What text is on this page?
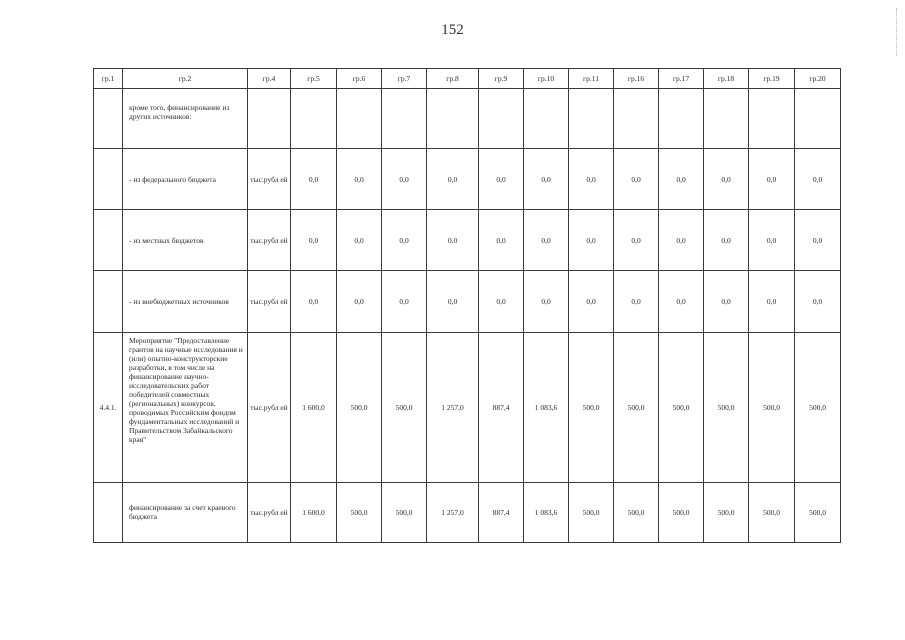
152
гр.1	гр.2	гр.4	гр.5	гр.6	гр.7	гр.8	гр.9	гр.10	гр.11	гр.16	гр.17	гр.18	гр.19	гр.20
	кроме того, финансирование из других источников:													
	- из федерального бюджета	тыс.рубл ей	0,0	0,0	0,0	0,0	0,0	0,0	0,0	0,0	0,0	0,0	0,0	0,0
	- из местных бюджетов	тыс.рубл ей	0,0	0,0	0,0	0,0	0,0	0,0	0,0	0,0	0,0	0,0	0,0	0,0
	- из внебюджетных источников	тыс.рубл ей	0,0	0,0	0,0	0,0	0,0	0,0	0,0	0,0	0,0	0,0	0,0	0,0
4.4.1.	Мероприятие "Предоставление грантов на научные исследования и (или) опытно-конструкторские разработки, в том числе на финансирование научно-исследовательских работ победителей совместных (региональных) конкурсов, проводимых Российским фондом фундаментальных исследований и Правительством Забайкальского края"	тыс.рубл ей	1 600,0	500,0	500,0	1 257,0	887,4	1 083,6	500,0	500,0	500,0	500,0	500,0	500,0
	финансирование за счет краевого бюджета	тыс.рубл ей	1 600,0	500,0	500,0	1 257,0	887,4	1 083,6	500,0	500,0	500,0	500,0	500,0	500,0
